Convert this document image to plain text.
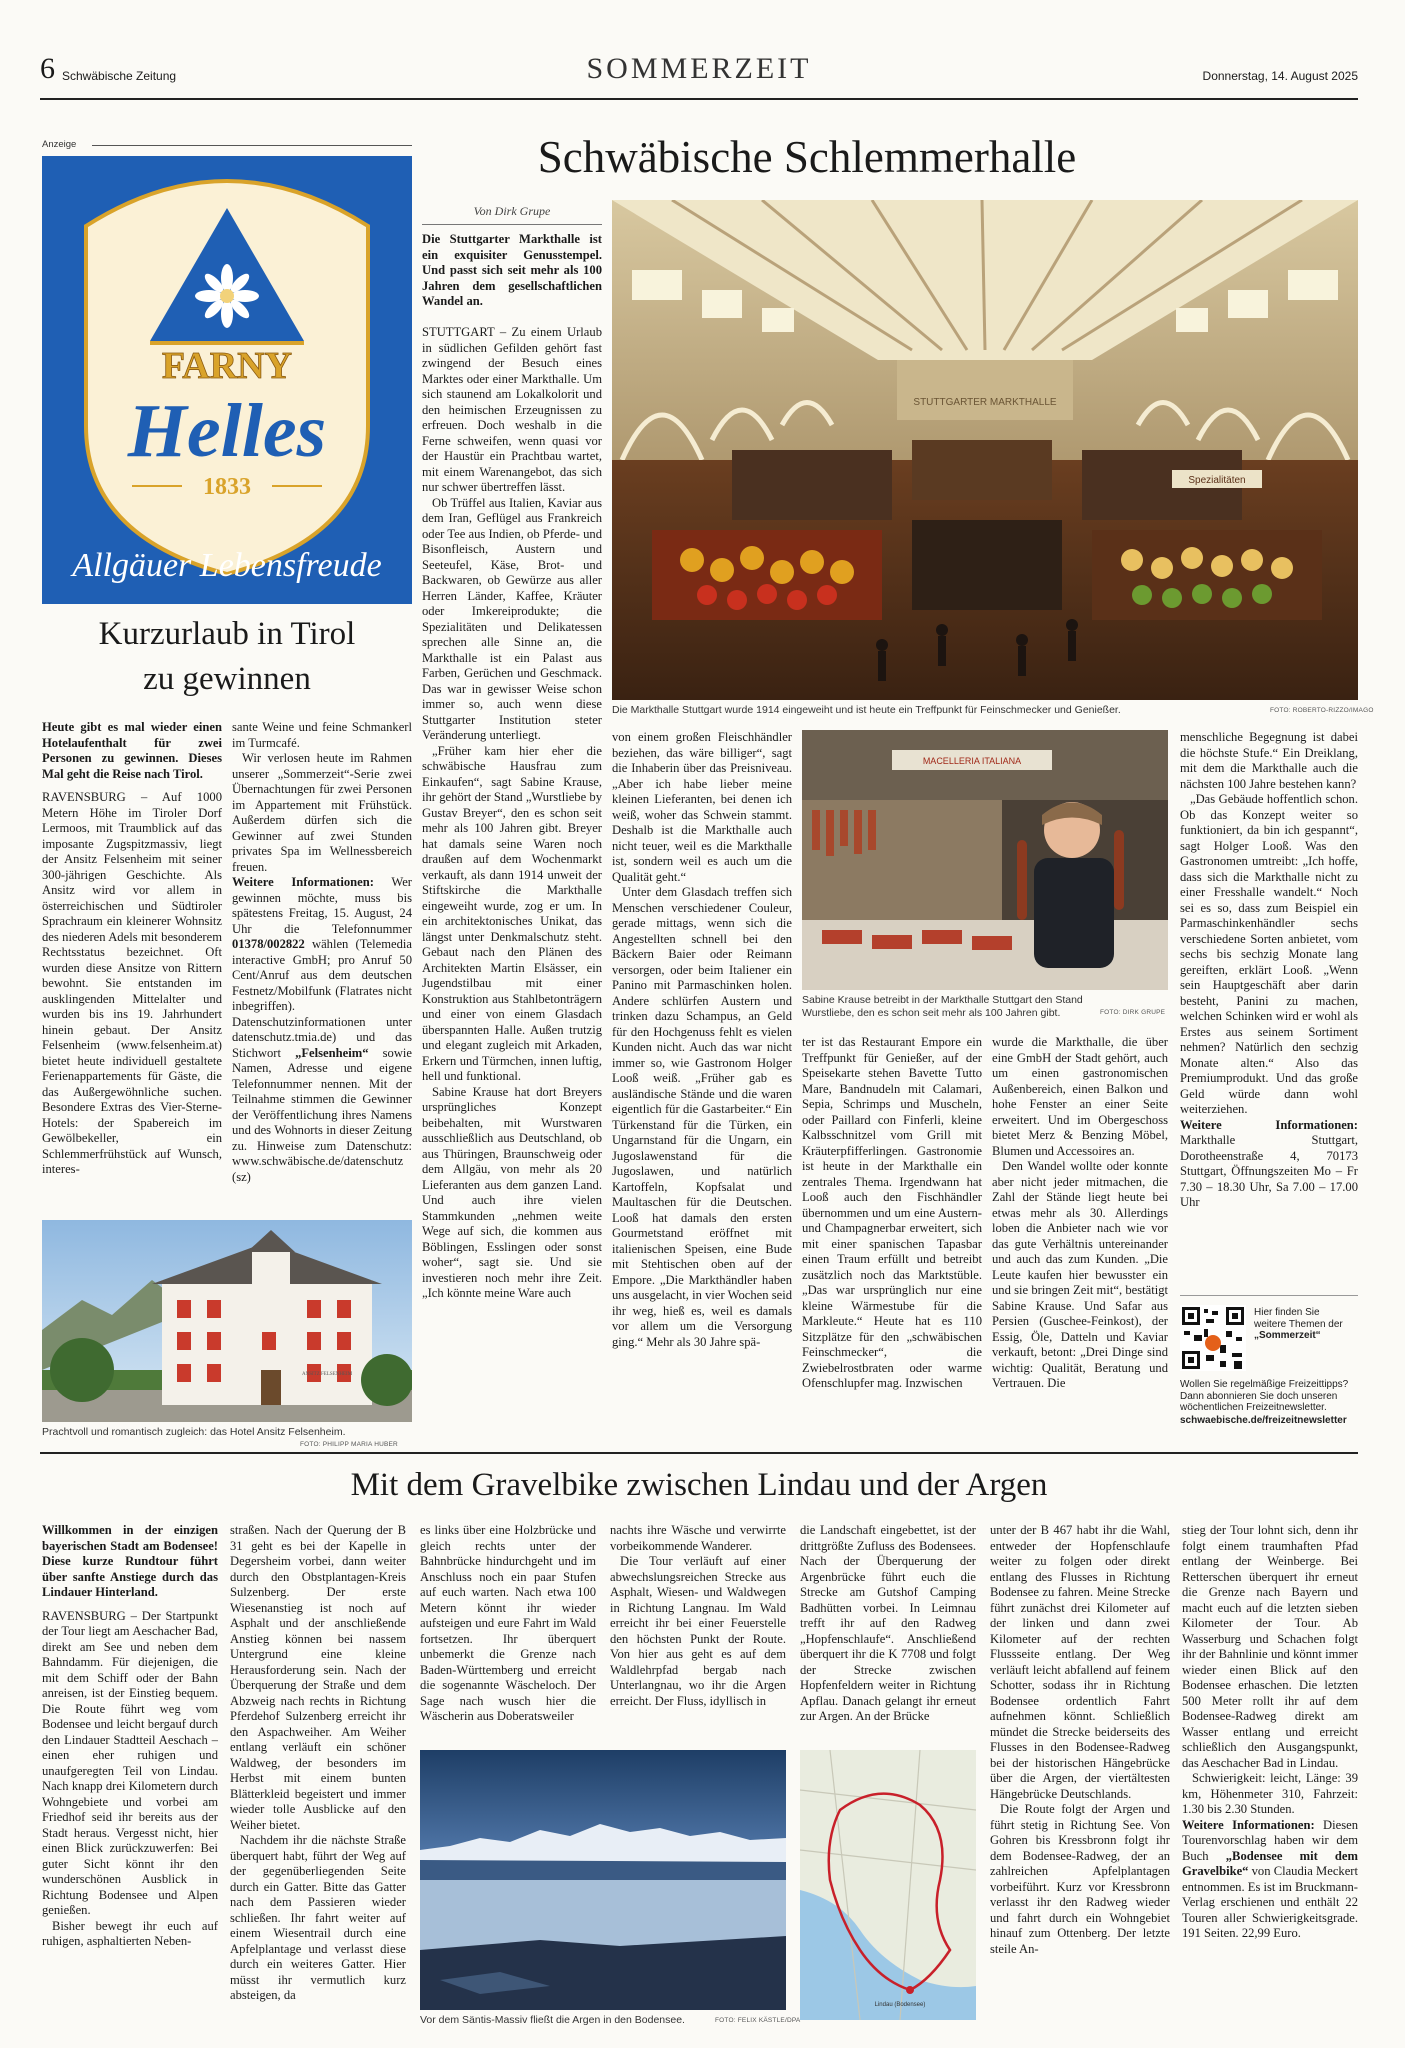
6 Schwäbische Zeitung	SOMMERZEIT	Donnerstag, 14. August 2025
Anzeige
FARNY
Helles
1833
Allgäuer Lebensfreude
Kurzurlaub in Tirol
zu gewinnen

Heute gibt es mal wieder einen Hotelaufenthalt für zwei Personen zu gewinnen. Dieses Mal geht die Reise nach Tirol.

RAVENSBURG – Auf 1000 Metern Höhe im Tiroler Dorf Lermoos, mit Traumblick auf das imposante Zugspitzmassiv, liegt der Ansitz Felsenheim mit seiner 300-jährigen Geschichte. Als Ansitz wird vor allem in österreichischen und Südtiroler Sprachraum ein kleinerer Wohnsitz des niederen Adels mit besonderem Rechtsstatus bezeichnet. Oft wurden diese Ansitze von Rittern bewohnt. Sie entstanden im ausklingenden Mittelalter und wurden bis ins 19. Jahrhundert hinein gebaut. Der Ansitz Felsenheim (www.felsenheim.at) bietet heute individuell gestaltete Ferienappartements für Gäste, die das Außergewöhnliche suchen. Besondere Extras des Vier-Sterne-Hotels: der Spabereich im Gewölbekeller, ein Schlemmerfrühstück auf Wunsch, interes-

sante Weine und feine Schmankerl im Turmcafé.

Wir verlosen heute im Rahmen unserer „Sommerzeit“-Serie zwei Übernachtungen für zwei Personen im Appartement mit Frühstück. Außerdem dürfen sich die Gewinner auf zwei Stunden privates Spa im Wellnessbereich freuen.

Weitere Informationen: Wer gewinnen möchte, muss bis spätestens Freitag, 15. August, 24 Uhr die Telefonnummer 01378/002822 wählen (Telemedia interactive GmbH; pro Anruf 50 Cent/Anruf aus dem deutschen Festnetz/Mobilfunk (Flatrates nicht inbegriffen). Datenschutzinformationen unter datenschutz.tmia.de) und das Stichwort „Felsenheim“ sowie Namen, Adresse und eigene Telefonnummer nennen. Mit der Teilnahme stimmen die Gewinner der Veröffentlichung ihres Namens und des Wohnorts in dieser Zeitung zu. Hinweise zum Datenschutz: www.schwäbische.de/datenschutz (sz)

ANSITZ FELSENHEIM
Prachtvoll und romantisch zugleich: das Hotel Ansitz Felsenheim.
FOTO: PHILIPP MARIA HUBER
Schwäbische Schlemmerhalle
Von Dirk Grupe
Die Stuttgarter Markthalle ist ein exquisiter Genusstempel. Und passt sich seit mehr als 100 Jahren dem gesellschaftlichen Wandel an.
STUTTGARTER MARKTHALLE
Spezialitäten
Die Markthalle Stuttgart wurde 1914 eingeweiht und ist heute ein Treffpunkt für Feinschmecker und Genießer.	FOTO: ROBERTO-RIZZO/IMAGO

STUTTGART – Zu einem Urlaub in südlichen Gefilden gehört fast zwingend der Besuch eines Marktes oder einer Markthalle. Um sich staunend am Lokalkolorit und den heimischen Erzeugnissen zu erfreuen. Doch weshalb in die Ferne schweifen, wenn quasi vor der Haustür ein Prachtbau wartet, mit einem Warenangebot, das sich nur schwer übertreffen lässt.

Ob Trüffel aus Italien, Kaviar aus dem Iran, Geflügel aus Frankreich oder Tee aus Indien, ob Pferde- und Bisonfleisch, Austern und Seeteufel, Käse, Brot- und Backwaren, ob Gewürze aus aller Herren Länder, Kaffee, Kräuter oder Imkereiprodukte; die Spezialitäten und Delikatessen sprechen alle Sinne an, die Markthalle ist ein Palast aus Farben, Gerüchen und Geschmack. Das war in gewisser Weise schon immer so, auch wenn diese Stuttgarter Institution steter Veränderung unterliegt.

„Früher kam hier eher die schwäbische Hausfrau zum Einkaufen“, sagt Sabine Krause, ihr gehört der Stand „Wurstliebe by Gustav Breyer“, den es schon seit mehr als 100 Jahren gibt. Breyer hat damals seine Waren noch draußen auf dem Wochenmarkt verkauft, als dann 1914 unweit der Stiftskirche die Markthalle eingeweiht wurde, zog er um. In ein architektonisches Unikat, das längst unter Denkmalschutz steht. Gebaut nach den Plänen des Architekten Martin Elsässer, ein Jugendstilbau mit einer Konstruktion aus Stahlbetonträgern und einer von einem Glasdach überspannten Halle. Außen trutzig und elegant zugleich mit Arkaden, Erkern und Türmchen, innen luftig, hell und funktional.

Sabine Krause hat dort Breyers ursprüngliches Konzept beibehalten, mit Wurstwaren ausschließlich aus Deutschland, ob aus Thüringen, Braunschweig oder dem Allgäu, von mehr als 20 Lieferanten aus dem ganzen Land. Und auch ihre vielen Stammkunden „nehmen weite Wege auf sich, die kommen aus Böblingen, Esslingen oder sonst woher“, sagt sie. Und sie investieren noch mehr ihre Zeit. „Ich könnte meine Ware auch

von einem großen Fleischhändler beziehen, das wäre billiger“, sagt die Inhaberin über das Preisniveau. „Aber ich habe lieber meine kleinen Lieferanten, bei denen ich weiß, woher das Schwein stammt. Deshalb ist die Markthalle auch nicht teuer, weil es die Markthalle ist, sondern weil es auch um die Qualität geht.“

Unter dem Glasdach treffen sich Menschen verschiedener Couleur, gerade mittags, wenn sich die Angestellten schnell bei den Bäckern Baier oder Reimann versorgen, oder beim Italiener ein Panino mit Parmaschinken holen. Andere schlürfen Austern und trinken dazu Schampus, an Geld für den Hochgenuss fehlt es vielen Kunden nicht. Auch das war nicht immer so, wie Gastronom Holger Looß weiß. „Früher gab es ausländische Stände und die waren eigentlich für die Gastarbeiter.“ Ein Türkenstand für die Türken, ein Ungarnstand für die Ungarn, ein Jugoslawenstand für die Jugoslawen, und natürlich Kartoffeln, Kopfsalat und Maultaschen für die Deutschen. Looß hat damals den ersten Gourmetstand eröffnet mit italienischen Speisen, eine Bude mit Stehtischen oben auf der Empore. „Die Markthändler haben uns ausgelacht, in vier Wochen seid ihr weg, hieß es, weil es damals vor allem um die Versorgung ging.“ Mehr als 30 Jahre spä-

MACELLERIA ITALIANA
Sabine Krause betreibt in der Markthalle Stuttgart den Stand Wurstliebe, den es schon seit mehr als 100 Jahren gibt.	FOTO: DIRK GRUPE

ter ist das Restaurant Empore ein Treffpunkt für Genießer, auf der Speisekarte stehen Bavette Tutto Mare, Bandnudeln mit Calamari, Sepia, Schrimps und Muscheln, oder Paillard con Finferli, kleine Kalbsschnitzel vom Grill mit Kräuterpfifferlingen. Gastronomie ist heute in der Markthalle ein zentrales Thema. Irgendwann hat Looß auch den Fischhändler übernommen und um eine Austern- und Champagnerbar erweitert, sich mit einer spanischen Tapasbar einen Traum erfüllt und betreibt zusätzlich noch das Marktstüble. „Das war ursprünglich nur eine kleine Wärmestube für die Markleute.“ Heute hat es 110 Sitzplätze für den „schwäbischen Feinschmecker“, die Zwiebelrostbraten oder warme Ofenschlupfer mag. Inzwischen

wurde die Markthalle, die über eine GmbH der Stadt gehört, auch um einen gastronomischen Außenbereich, einen Balkon und hohe Fenster an einer Seite erweitert. Und im Obergeschoss bietet Merz & Benzing Möbel, Blumen und Accessoires an.

Den Wandel wollte oder konnte aber nicht jeder mitmachen, die Zahl der Stände liegt heute bei etwas mehr als 30. Allerdings loben die Anbieter nach wie vor das gute Verhältnis untereinander und auch das zum Kunden. „Die Leute kaufen hier bewusster ein und sie bringen Zeit mit“, bestätigt Sabine Krause. Und Safar aus Persien (Guschee-Feinkost), der Essig, Öle, Datteln und Kaviar verkauft, betont: „Drei Dinge sind wichtig: Qualität, Beratung und Vertrauen. Die

menschliche Begegnung ist dabei die höchste Stufe.“ Ein Dreiklang, mit dem die Markthalle auch die nächsten 100 Jahre bestehen kann?

„Das Gebäude hoffentlich schon. Ob das Konzept weiter so funktioniert, da bin ich gespannt“, sagt Holger Looß. Was den Gastronomen umtreibt: „Ich hoffe, dass sich die Markthalle nicht zu einer Fresshalle wandelt.“ Noch sei es so, dass zum Beispiel ein Parmaschinkenhändler sechs verschiedene Sorten anbietet, vom sechs bis sechzig Monate lang gereiften, erklärt Looß. „Wenn sein Hauptgeschäft aber darin besteht, Panini zu machen, welchen Schinken wird er wohl als Erstes aus seinem Sortiment nehmen? Natürlich den sechzig Monate alten.“ Also das Premiumprodukt. Und das große Geld würde dann wohl weiterziehen.

Weitere Informationen: Markthalle Stuttgart, Dorotheenstraße 4, 70173 Stuttgart, Öffnungszeiten Mo – Fr 7.30 – 18.30 Uhr, Sa 7.00 – 17.00 Uhr

Hier finden Sie
weitere Themen der
„Sommerzeit“
Wollen Sie regelmäßige Freizeittipps? Dann abonnieren Sie doch unseren wöchentlichen Freizeitnewsletter.
schwaebische.de/freizeitnewsletter
Mit dem Gravelbike zwischen Lindau und der Argen

Willkommen in der einzigen bayerischen Stadt am Bodensee! Diese kurze Rundtour führt über sanfte Anstiege durch das Lindauer Hinterland.

RAVENSBURG – Der Startpunkt der Tour liegt am Aeschacher Bad, direkt am See und neben dem Bahndamm. Für diejenigen, die mit dem Schiff oder der Bahn anreisen, ist der Einstieg bequem. Die Route führt weg vom Bodensee und leicht bergauf durch den Lindauer Stadtteil Aeschach – einen eher ruhigen und unaufgeregten Teil von Lindau. Nach knapp drei Kilometern durch Wohngebiete und vorbei am Friedhof seid ihr bereits aus der Stadt heraus. Vergesst nicht, hier einen Blick zurückzuwerfen: Bei guter Sicht könnt ihr den wunderschönen Ausblick in Richtung Bodensee und Alpen genießen.

Bisher bewegt ihr euch auf ruhigen, asphaltierten Neben-

straßen. Nach der Querung der B 31 geht es bei der Kapelle in Degersheim vorbei, dann weiter durch den Obstplantagen-Kreis Sulzenberg. Der erste Wiesenanstieg ist noch auf Asphalt und der anschließende Anstieg können bei nassem Untergrund eine kleine Herausforderung sein. Nach der Überquerung der Straße und dem Abzweig nach rechts in Richtung Pferdehof Sulzenberg erreicht ihr den Aspachweiher. Am Weiher entlang verläuft ein schöner Waldweg, der besonders im Herbst mit einem bunten Blätterkleid begeistert und immer wieder tolle Ausblicke auf den Weiher bietet.

Nachdem ihr die nächste Straße überquert habt, führt der Weg auf der gegenüberliegenden Seite durch ein Gatter. Bitte das Gatter nach dem Passieren wieder schließen. Ihr fahrt weiter auf einem Wiesentrail durch eine Apfelplantage und verlasst diese durch ein weiteres Gatter. Hier müsst ihr vermutlich kurz absteigen, da

es links über eine Holzbrücke und gleich rechts unter der Bahnbrücke hindurchgeht und im Anschluss noch ein paar Stufen auf euch warten. Nach etwa 100 Metern könnt ihr wieder aufsteigen und eure Fahrt im Wald fortsetzen. Ihr überquert unbemerkt die Grenze nach Baden-Württemberg und erreicht die sogenannte Wäscheloch. Der Sage nach wusch hier die Wäscherin aus Doberatsweiler

nachts ihre Wäsche und verwirrte vorbeikommende Wanderer.

Die Tour verläuft auf einer abwechslungsreichen Strecke aus Asphalt, Wiesen- und Waldwegen in Richtung Langnau. Im Wald erreicht ihr bei einer Feuerstelle den höchsten Punkt der Route. Von hier aus geht es auf dem Waldlehrpfad bergab nach Unterlangnau, wo ihr die Argen erreicht. Der Fluss, idyllisch in

die Landschaft eingebettet, ist der drittgrößte Zufluss des Bodensees. Nach der Überquerung der Argenbrücke führt euch die Strecke am Gutshof Camping Badhütten vorbei. In Leimnau trefft ihr auf den Radweg „Hopfenschlaufe“. Anschließend überquert ihr die K 7708 und folgt der Strecke zwischen Hopfenfeldern weiter in Richtung Apflau. Danach gelangt ihr erneut zur Argen. An der Brücke

unter der B 467 habt ihr die Wahl, entweder der Hopfenschlaufe weiter zu folgen oder direkt entlang des Flusses in Richtung Bodensee zu fahren. Meine Strecke führt zunächst drei Kilometer auf der linken und dann zwei Kilometer auf der rechten Flussseite entlang. Der Weg verläuft leicht abfallend auf feinem Schotter, sodass ihr in Richtung Bodensee ordentlich Fahrt aufnehmen könnt. Schließlich mündet die Strecke beiderseits des Flusses in den Bodensee-Radweg bei der historischen Hängebrücke über die Argen, der viertältesten Hängebrücke Deutschlands.

Die Route folgt der Argen und führt stetig in Richtung See. Von Gohren bis Kressbronn folgt ihr dem Bodensee-Radweg, der an zahlreichen Apfelplantagen vorbeiführt. Kurz vor Kressbronn verlasst ihr den Radweg wieder und fahrt durch ein Wohngebiet hinauf zum Ottenberg. Der letzte steile An-

stieg der Tour lohnt sich, denn ihr folgt einem traumhaften Pfad entlang der Weinberge. Bei Retterschen überquert ihr erneut die Grenze nach Bayern und macht euch auf die letzten sieben Kilometer der Tour. Ab Wasserburg und Schachen folgt ihr der Bahnlinie und könnt immer wieder einen Blick auf den Bodensee erhaschen. Die letzten 500 Meter rollt ihr auf dem Bodensee-Radweg direkt am Wasser entlang und erreicht schließlich den Ausgangspunkt, das Aeschacher Bad in Lindau.

Schwierigkeit: leicht, Länge: 39 km, Höhenmeter 310, Fahrzeit: 1.30 bis 2.30 Stunden.

Weitere Informationen: Diesen Tourenvorschlag haben wir dem Buch „Bodensee mit dem Gravelbike“ von Claudia Meckert entnommen. Es ist im Bruckmann-Verlag erschienen und enthält 22 Touren aller Schwierigkeitsgrade. 191 Seiten. 22,99 Euro.

Vor dem Säntis-Massiv fließt die Argen in den Bodensee.	FOTO: FELIX KÄSTLE/DPA
Lindau (Bodensee)
